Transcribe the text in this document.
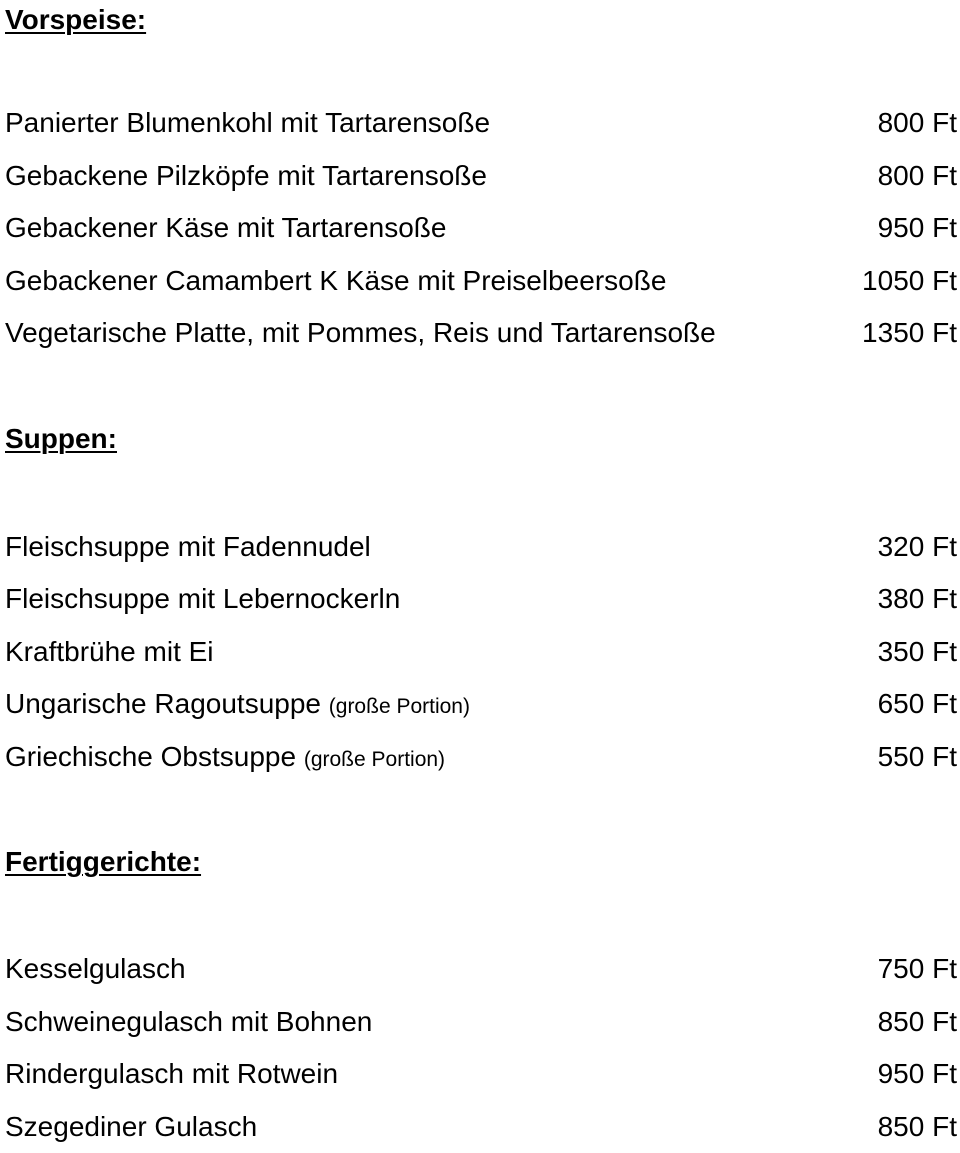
Vorspeise:
Panierter Blumenkohl mit Tartarensoße	800 Ft
Gebackene Pilzköpfe mit Tartarensoße	800 Ft
Gebackener Käse mit Tartarensoße	950 Ft
Gebackener Camambert K Käse mit Preiselbeersoße	1050 Ft
Vegetarische Platte, mit Pommes, Reis und Tartarensoße	1350 Ft
Suppen:
Fleischsuppe mit Fadennudel	320 Ft
Fleischsuppe mit Lebernockerln	380 Ft
Kraftbrühe mit Ei	350 Ft
Ungarische Ragoutsuppe (große Portion)	650 Ft
Griechische Obstsuppe (große Portion)	550 Ft
Fertiggerichte:
Kesselgulasch	750 Ft
Schweinegulasch mit Bohnen	850 Ft
Rindergulasch mit Rotwein	950 Ft
Szegediner Gulasch	850 Ft
